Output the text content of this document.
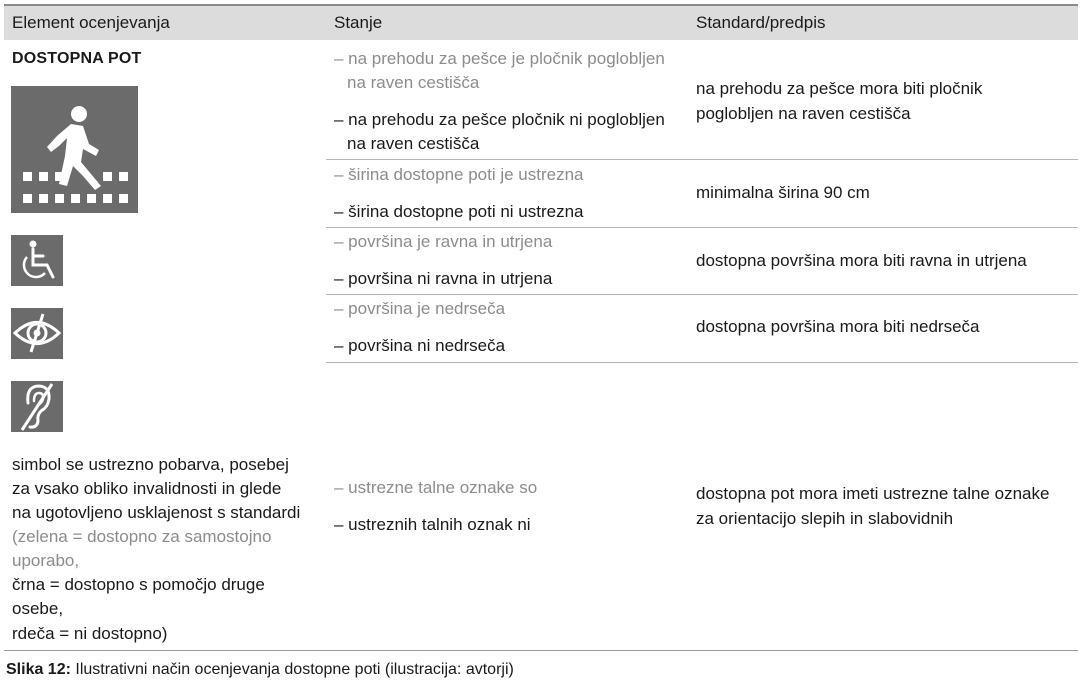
Element ocenjevanja	Stanje	Standard/predpis
DOSTOPNA POT
simbol se ustrezno pobarva, posebej
za vsako obliko invalidnosti in glede
na ugotovljeno usklajenost s standardi
(zelena = dostopno za samostojno
uporabo,
črna = dostopno s pomočjo druge
osebe,
rdeča = ni dostopno)
– na prehodu za pešce je pločnik poglobljen
na raven cestišča
– na prehodu za pešce pločnik ni poglobljen
na raven cestišča
na prehodu za pešce mora biti pločnik
poglobljen na raven cestišča
– širina dostopne poti je ustrezna
– širina dostopne poti ni ustrezna
minimalna širina 90 cm
– površina je ravna in utrjena
– površina ni ravna in utrjena
dostopna površina mora biti ravna in utrjena
– površina je nedrseča
– površina ni nedrseča
dostopna površina mora biti nedrseča
– ustrezne talne oznake so
– ustreznih talnih oznak ni
dostopna pot mora imeti ustrezne talne oznake
za orientacijo slepih in slabovidnih
Slika 12: Ilustrativni način ocenjevanja dostopne poti (ilustracija: avtorji)
